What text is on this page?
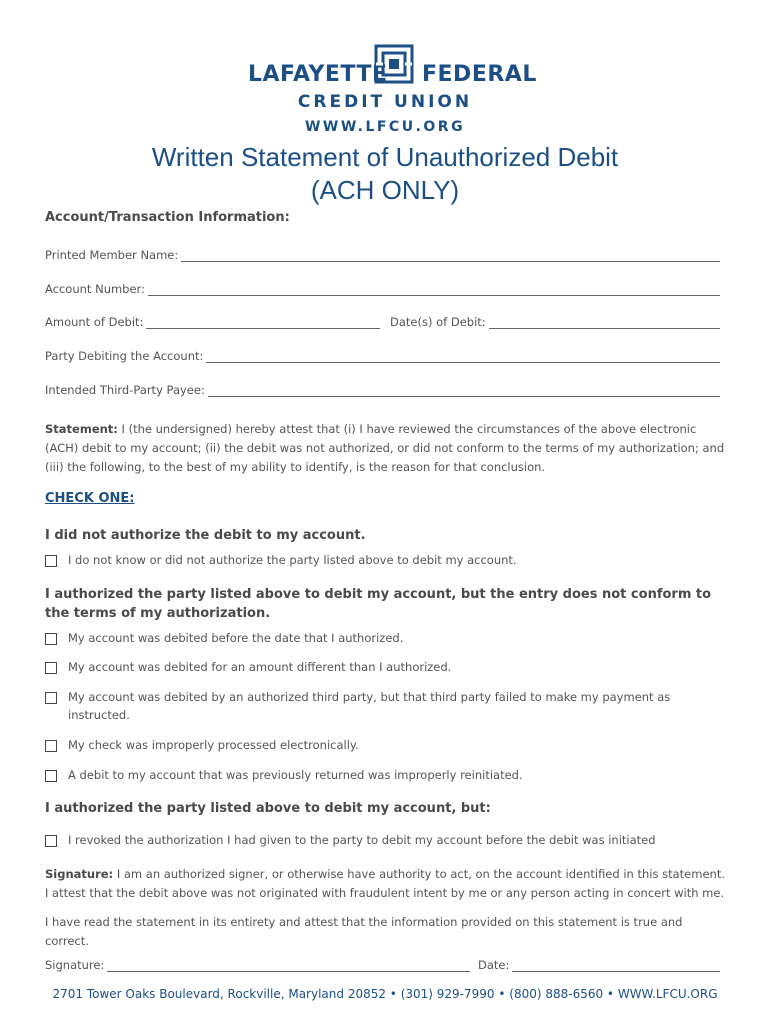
LAFAYETTE FEDERAL
CREDIT UNION
WWW.LFCU.ORG
Written Statement of Unauthorized Debit
(ACH ONLY)
Account/Transaction Information:
Printed Member Name:
Account Number:
Amount of Debit:	Date(s) of Debit:
Party Debiting the Account:
Intended Third-Party Payee:
Statement: I (the undersigned) hereby attest that (i) I have reviewed the circumstances of the above electronic (ACH) debit to my account; (ii) the debit was not authorized, or did not conform to the terms of my authorization; and (iii) the following, to the best of my ability to identify, is the reason for that conclusion.
CHECK ONE:
I did not authorize the debit to my account.
I do not know or did not authorize the party listed above to debit my account.
I authorized the party listed above to debit my account, but the entry does not conform to the terms of my authorization.
My account was debited before the date that I authorized.
My account was debited for an amount different than I authorized.
My account was debited by an authorized third party, but that third party failed to make my payment as instructed.
My check was improperly processed electronically.
A debit to my account that was previously returned was improperly reinitiated.
I authorized the party listed above to debit my account, but:
I revoked the authorization I had given to the party to debit my account before the debit was initiated
Signature: I am an authorized signer, or otherwise have authority to act, on the account identified in this statement. I attest that the debit above was not originated with fraudulent intent by me or any person acting in concert with me.
I have read the statement in its entirety and attest that the information provided on this statement is true and correct.
Signature:	Date:
2701 Tower Oaks Boulevard, Rockville, Maryland 20852 • (301) 929-7990 • (800) 888-6560 • WWW.LFCU.ORG
